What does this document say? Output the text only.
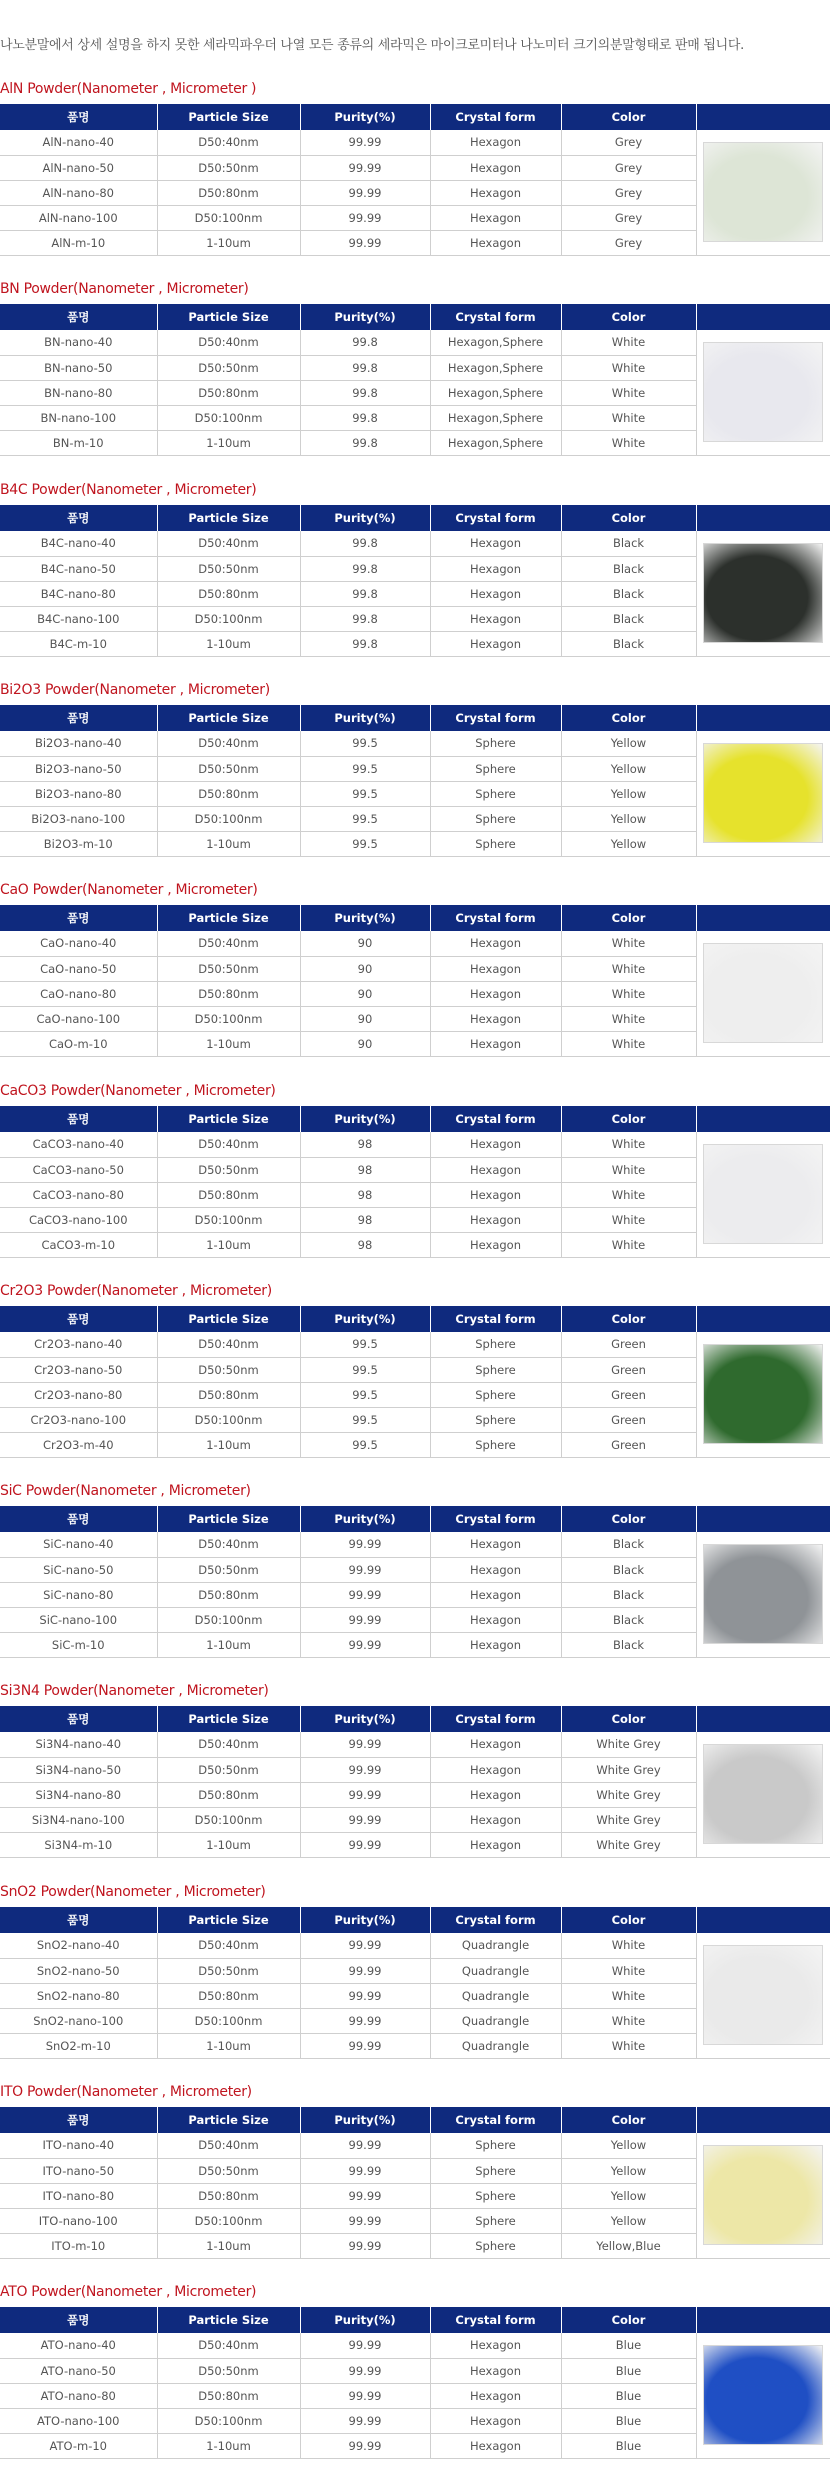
나노분말에서 상세 설명을 하지 못한 세라믹파우더 나열 모든 종류의 세라믹은 마이크로미터나 나노미터 크기의분말형태로 판매 됩니다.
AlN Powder(Nanometer , Micrometer )
품명	Particle Size	Purity(%)	Crystal form	Color	
AlN-nano-40	D50:40nm	99.99	Hexagon	Grey	

AlN-nano-50	D50:50nm	99.99	Hexagon	Grey	
AlN-nano-80	D50:80nm	99.99	Hexagon	Grey	
AlN-nano-100	D50:100nm	99.99	Hexagon	Grey	
AlN-m-10	1-10um	99.99	Hexagon	Grey	
BN Powder(Nanometer , Micrometer)
품명	Particle Size	Purity(%)	Crystal form	Color	
BN-nano-40	D50:40nm	99.8	Hexagon,Sphere	White	

BN-nano-50	D50:50nm	99.8	Hexagon,Sphere	White	
BN-nano-80	D50:80nm	99.8	Hexagon,Sphere	White	
BN-nano-100	D50:100nm	99.8	Hexagon,Sphere	White	
BN-m-10	1-10um	99.8	Hexagon,Sphere	White	
B4C Powder(Nanometer , Micrometer)
품명	Particle Size	Purity(%)	Crystal form	Color	
B4C-nano-40	D50:40nm	99.8	Hexagon	Black	

B4C-nano-50	D50:50nm	99.8	Hexagon	Black	
B4C-nano-80	D50:80nm	99.8	Hexagon	Black	
B4C-nano-100	D50:100nm	99.8	Hexagon	Black	
B4C-m-10	1-10um	99.8	Hexagon	Black	
Bi2O3 Powder(Nanometer , Micrometer)
품명	Particle Size	Purity(%)	Crystal form	Color	
Bi2O3-nano-40	D50:40nm	99.5	Sphere	Yellow	

Bi2O3-nano-50	D50:50nm	99.5	Sphere	Yellow	
Bi2O3-nano-80	D50:80nm	99.5	Sphere	Yellow	
Bi2O3-nano-100	D50:100nm	99.5	Sphere	Yellow	
Bi2O3-m-10	1-10um	99.5	Sphere	Yellow	
CaO Powder(Nanometer , Micrometer)
품명	Particle Size	Purity(%)	Crystal form	Color	
CaO-nano-40	D50:40nm	90	Hexagon	White	

CaO-nano-50	D50:50nm	90	Hexagon	White	
CaO-nano-80	D50:80nm	90	Hexagon	White	
CaO-nano-100	D50:100nm	90	Hexagon	White	
CaO-m-10	1-10um	90	Hexagon	White	
CaCO3 Powder(Nanometer , Micrometer)
품명	Particle Size	Purity(%)	Crystal form	Color	
CaCO3-nano-40	D50:40nm	98	Hexagon	White	

CaCO3-nano-50	D50:50nm	98	Hexagon	White	
CaCO3-nano-80	D50:80nm	98	Hexagon	White	
CaCO3-nano-100	D50:100nm	98	Hexagon	White	
CaCO3-m-10	1-10um	98	Hexagon	White	
Cr2O3 Powder(Nanometer , Micrometer)
품명	Particle Size	Purity(%)	Crystal form	Color	
Cr2O3-nano-40	D50:40nm	99.5	Sphere	Green	

Cr2O3-nano-50	D50:50nm	99.5	Sphere	Green	
Cr2O3-nano-80	D50:80nm	99.5	Sphere	Green	
Cr2O3-nano-100	D50:100nm	99.5	Sphere	Green	
Cr2O3-m-40	1-10um	99.5	Sphere	Green	
SiC Powder(Nanometer , Micrometer)
품명	Particle Size	Purity(%)	Crystal form	Color	
SiC-nano-40	D50:40nm	99.99	Hexagon	Black	

SiC-nano-50	D50:50nm	99.99	Hexagon	Black	
SiC-nano-80	D50:80nm	99.99	Hexagon	Black	
SiC-nano-100	D50:100nm	99.99	Hexagon	Black	
SiC-m-10	1-10um	99.99	Hexagon	Black	
Si3N4 Powder(Nanometer , Micrometer)
품명	Particle Size	Purity(%)	Crystal form	Color	
Si3N4-nano-40	D50:40nm	99.99	Hexagon	White Grey	

Si3N4-nano-50	D50:50nm	99.99	Hexagon	White Grey	
Si3N4-nano-80	D50:80nm	99.99	Hexagon	White Grey	
Si3N4-nano-100	D50:100nm	99.99	Hexagon	White Grey	
Si3N4-m-10	1-10um	99.99	Hexagon	White Grey	
SnO2 Powder(Nanometer , Micrometer)
품명	Particle Size	Purity(%)	Crystal form	Color	
SnO2-nano-40	D50:40nm	99.99	Quadrangle	White	

SnO2-nano-50	D50:50nm	99.99	Quadrangle	White	
SnO2-nano-80	D50:80nm	99.99	Quadrangle	White	
SnO2-nano-100	D50:100nm	99.99	Quadrangle	White	
SnO2-m-10	1-10um	99.99	Quadrangle	White	
ITO Powder(Nanometer , Micrometer)
품명	Particle Size	Purity(%)	Crystal form	Color	
ITO-nano-40	D50:40nm	99.99	Sphere	Yellow	

ITO-nano-50	D50:50nm	99.99	Sphere	Yellow	
ITO-nano-80	D50:80nm	99.99	Sphere	Yellow	
ITO-nano-100	D50:100nm	99.99	Sphere	Yellow	
ITO-m-10	1-10um	99.99	Sphere	Yellow,Blue	
ATO Powder(Nanometer , Micrometer)
품명	Particle Size	Purity(%)	Crystal form	Color	
ATO-nano-40	D50:40nm	99.99	Hexagon	Blue	

ATO-nano-50	D50:50nm	99.99	Hexagon	Blue	
ATO-nano-80	D50:80nm	99.99	Hexagon	Blue	
ATO-nano-100	D50:100nm	99.99	Hexagon	Blue	
ATO-m-10	1-10um	99.99	Hexagon	Blue	
